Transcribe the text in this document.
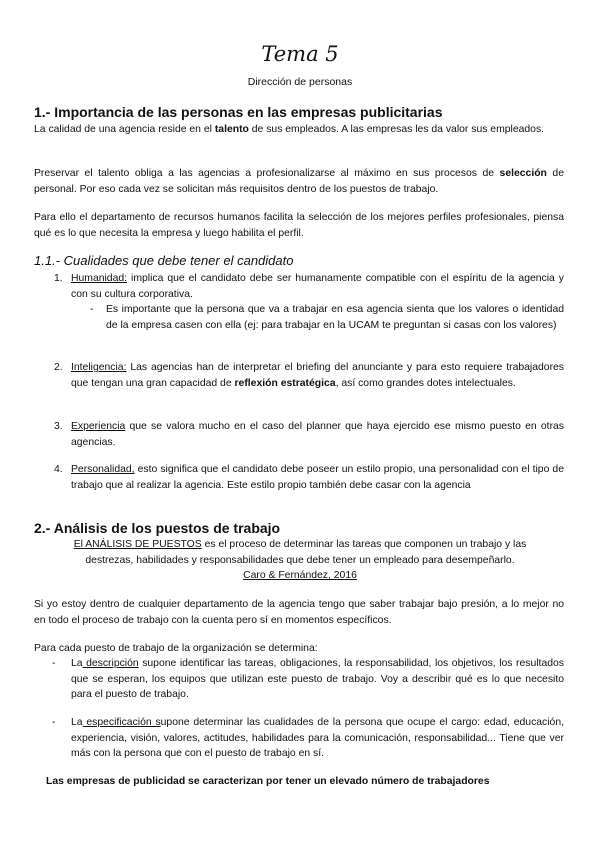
Tema 5
Dirección de personas
1.- Importancia de las personas en las empresas publicitarias
La calidad de una agencia reside en el talento de sus empleados. A las empresas les da valor sus empleados.
Preservar el talento obliga a las agencias a profesionalizarse al máximo en sus procesos de selección de personal. Por eso cada vez se solicitan más requisitos dentro de los puestos de trabajo.
Para ello el departamento de recursos humanos facilita la selección de los mejores perfiles profesionales, piensa qué es lo que necesita la empresa y luego habilita el perfil.
1.1.- Cualidades que debe tener el candidato
1. Humanidad: implica que el candidato debe ser humanamente compatible con el espíritu de la agencia y con su cultura corporativa.
- Es importante que la persona que va a trabajar en esa agencia sienta que los valores o identidad de la empresa casen con ella (ej: para trabajar en la UCAM te preguntan si casas con los valores)
2. Inteligencia: Las agencias han de interpretar el briefing del anunciante y para esto requiere trabajadores que tengan una gran capacidad de reflexión estratégica, así como grandes dotes intelectuales.
3. Experiencia que se valora mucho en el caso del planner que haya ejercido ese mismo puesto en otras agencias.
4. Personalidad, esto significa que el candidato debe poseer un estilo propio, una personalidad con el tipo de trabajo que al realizar la agencia. Este estilo propio también debe casar con la agencia
2.- Análisis de los puestos de trabajo
El ANÁLISIS DE PUESTOS es el proceso de determinar las tareas que componen un trabajo y las destrezas, habilidades y responsabilidades que debe tener un empleado para desempeñarlo.
Caro & Fernández, 2016
Si yo estoy dentro de cualquier departamento de la agencia tengo que saber trabajar bajo presión, a lo mejor no en todo el proceso de trabajo con la cuenta pero sí en momentos específicos.
Para cada puesto de trabajo de la organización se determina:
- La descripción supone identificar las tareas, obligaciones, la responsabilidad, los objetivos, los resultados que se esperan, los equipos que utilizan este puesto de trabajo. Voy a describir qué es lo que necesito para el puesto de trabajo.
- La especificación supone determinar las cualidades de la persona que ocupe el cargo: edad, educación, experiencia, visión, valores, actitudes, habilidades para la comunicación, responsabilidad... Tiene que ver más con la persona que con el puesto de trabajo en sí.
Las empresas de publicidad se caracterizan por tener un elevado número de trabajadores
